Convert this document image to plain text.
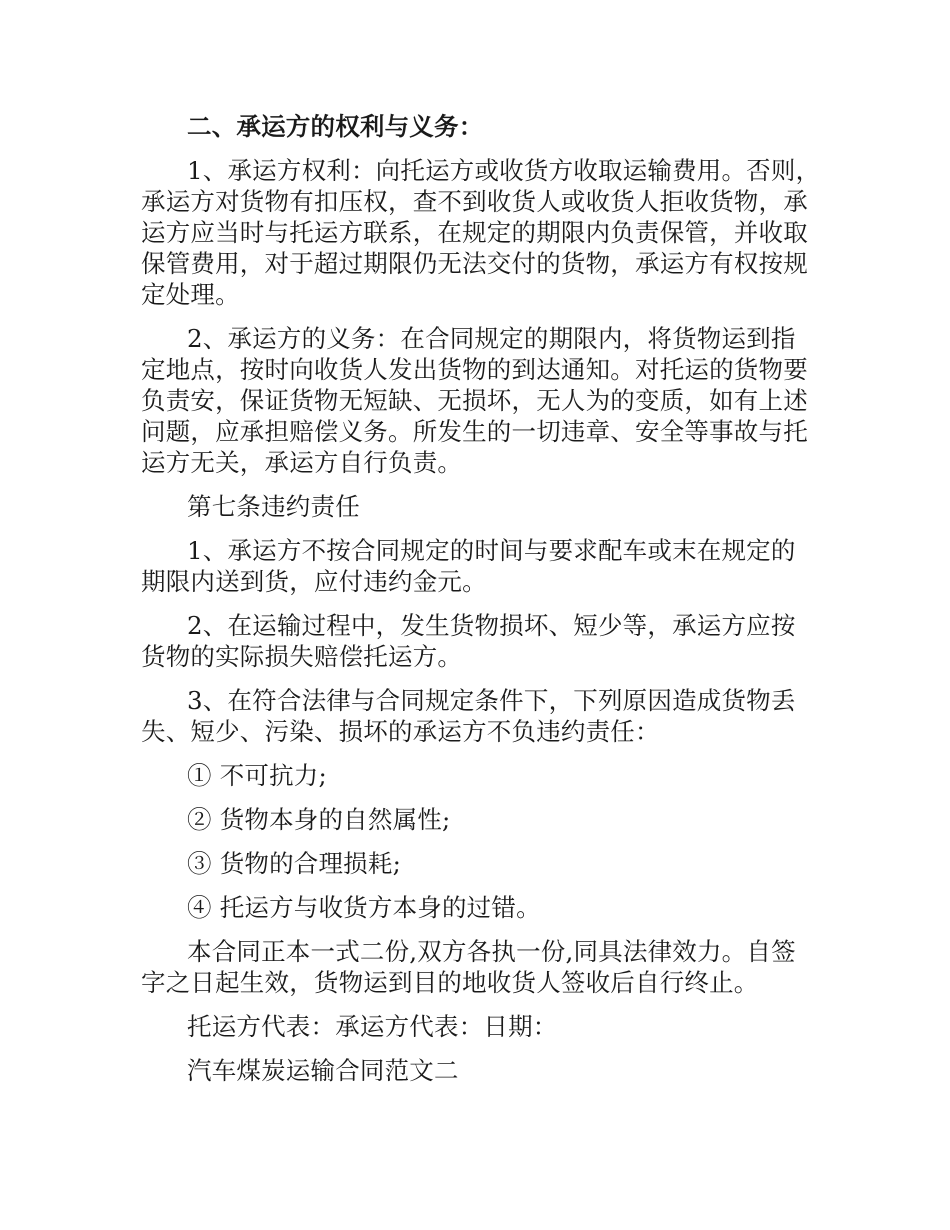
二、承运方的权利与义务：

1、承运方权利：向托运方或收货方收取运输费用。否则，
承运方对货物有扣压权，查不到收货人或收货人拒收货物，承
运方应当时与托运方联系，在规定的期限内负责保管，并收取
保管费用，对于超过期限仍无法交付的货物，承运方有权按规
定处理。

2、承运方的义务：在合同规定的期限内，将货物运到指
定地点，按时向收货人发出货物的到达通知。对托运的货物要
负责安，保证货物无短缺、无损坏，无人为的变质，如有上述
问题，应承担赔偿义务。所发生的一切违章、安全等事故与托
运方无关，承运方自行负责。

第七条违约责任

1、承运方不按合同规定的时间与要求配车或末在规定的
期限内送到货，应付违约金元。

2、在运输过程中，发生货物损坏、短少等，承运方应按
货物的实际损失赔偿托运方。

3、在符合法律与合同规定条件下，下列原因造成货物丢
失、短少、污染、损坏的承运方不负违约责任：

① 不可抗力;

② 货物本身的自然属性;

③ 货物的合理损耗;

④ 托运方与收货方本身的过错。

本合同正本一式二份,双方各执一份,同具法律效力。自签
字之日起生效，货物运到目的地收货人签收后自行终止。

托运方代表：承运方代表：日期：

汽车煤炭运输合同范文二
